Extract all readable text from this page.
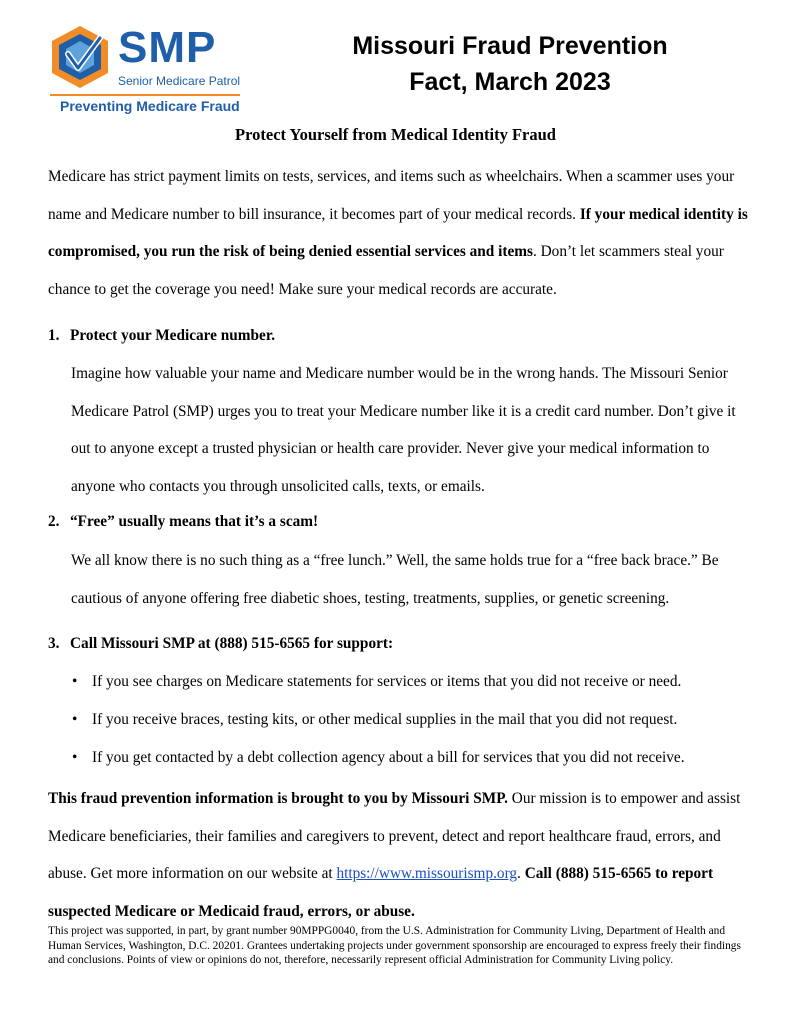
SMP
Senior Medicare Patrol
Preventing Medicare Fraud
Missouri Fraud Prevention
Fact, March 2023
Protect Yourself from Medical Identity Fraud
Medicare has strict payment limits on tests, services, and items such as wheelchairs. When a scammer uses your name and Medicare number to bill insurance, it becomes part of your medical records. If your medical identity is compromised, you run the risk of being denied essential services and items. Don’t let scammers steal your chance to get the coverage you need! Make sure your medical records are accurate.
1. Protect your Medicare number.
Imagine how valuable your name and Medicare number would be in the wrong hands. The Missouri Senior Medicare Patrol (SMP) urges you to treat your Medicare number like it is a credit card number. Don’t give it out to anyone except a trusted physician or health care provider. Never give your medical information to anyone who contacts you through unsolicited calls, texts, or emails.
2. “Free” usually means that it’s a scam!
We all know there is no such thing as a “free lunch.” Well, the same holds true for a “free back brace.” Be cautious of anyone offering free diabetic shoes, testing, treatments, supplies, or genetic screening.
3. Call Missouri SMP at (888) 515-6565 for support:
• If you see charges on Medicare statements for services or items that you did not receive or need.
• If you receive braces, testing kits, or other medical supplies in the mail that you did not request.
• If you get contacted by a debt collection agency about a bill for services that you did not receive.
This fraud prevention information is brought to you by Missouri SMP. Our mission is to empower and assist Medicare beneficiaries, their families and caregivers to prevent, detect and report healthcare fraud, errors, and abuse. Get more information on our website at https://www.missourismp.org. Call (888) 515-6565 to report suspected Medicare or Medicaid fraud, errors, or abuse.
This project was supported, in part, by grant number 90MPPG0040, from the U.S. Administration for Community Living, Department of Health and Human Services, Washington, D.C. 20201. Grantees undertaking projects under government sponsorship are encouraged to express freely their findings and conclusions. Points of view or opinions do not, therefore, necessarily represent official Administration for Community Living policy.
